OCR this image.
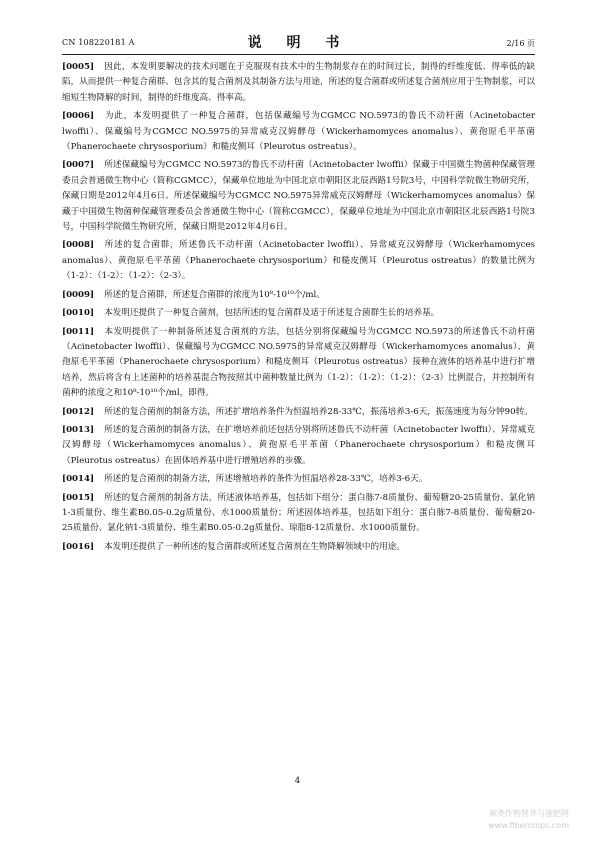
CN 108220181 A	说 明 书	2/16 页

[0005] 因此，本发明要解决的技术问题在于克服现有技术中的生物制浆存在的时间过长，制得的纤维度低、得率低的缺陷，从而提供一种复合菌群、包含其的复合菌剂及其制备方法与用途，所述的复合菌群或所述复合菌剂应用于生物制浆，可以缩短生物降解的时间，制得的纤维度高、得率高。

[0006] 为此，本发明提供了一种复合菌群，包括保藏编号为CGMCC NO.5973的鲁氏不动杆菌（Acinetobacter lwoffii）、保藏编号为CGMCC NO.5975的异常威克汉姆酵母（Wickerhamomyces anomalus）、黄孢原毛平革菌（Phanerochaete chrysosporium）和糙皮侧耳（Pleurotus ostreatus）。

[0007] 所述保藏编号为CGMCC NO.5973的鲁氏不动杆菌（Acinetobacter lwoffii）保藏于中国微生物菌种保藏管理委员会普通微生物中心（简称CGMCC），保藏单位地址为中国北京市朝阳区北辰西路1号院3号，中国科学院微生物研究所，保藏日期是2012年4月6日。所述保藏编号为CGMCC NO.5975异常威克汉姆酵母（Wickerhamomyces anomalus）保藏于中国微生物菌种保藏管理委员会普通微生物中心（简称CGMCC），保藏单位地址为中国北京市朝阳区北辰西路1号院3号，中国科学院微生物研究所，保藏日期是2012年4月6日。

[0008] 所述的复合菌群，所述鲁氏不动杆菌（Acinetobacter lwoffii）、异常威克汉姆酵母（Wickerhamomyces anomalus）、黄孢原毛平革菌（Phanerochaete chrysosporium）和糙皮侧耳（Pleurotus ostreatus）的数量比例为（1-2）：（1-2）：（1-2）：（2-3）。

[0009] 所述的复合菌群，所述复合菌群的浓度为10⁸-10¹⁰个/ml。

[0010] 本发明还提供了一种复合菌剂，包括所述的复合菌群及适于所述复合菌群生长的培养基。

[0011] 本发明提供了一种制备所述复合菌剂的方法，包括分别将保藏编号为CGMCC NO.5973的所述鲁氏不动杆菌（Acinetobacter lwoffii）、保藏编号为CGMCC NO.5975的异常威克汉姆酵母（Wickerhamomyces anomalus）、黄孢原毛平革菌（Phanerochaete chrysosporium）和糙皮侧耳（Pleurotus ostreatus）接种在液体的培养基中进行扩增培养，然后将含有上述菌种的培养基混合物按照其中菌种数量比例为（1-2）：（1-2）：（1-2）：（2-3）比例混合，并控制所有菌种的浓度之和10⁸-10¹⁰个/ml，即得。

[0012] 所述的复合菌剂的制备方法，所述扩增培养条件为恒温培养28-33℃，振荡培养3-6天，振荡速度为每分钟90转。

[0013] 所述的复合菌剂的制备方法，在扩增培养前还包括分别将所述鲁氏不动杆菌（Acinetobacter lwoffii）、异常威克汉姆酵母（Wickerhamomyces anomalus）、黄孢原毛平革菌（Phanerochaete chrysosporium）和糙皮侧耳（Pleurotus ostreatus）在固体培养基中进行增殖培养的步骤。

[0014] 所述的复合菌剂的制备方法，所述增殖培养的条件为恒温培养28-33℃，培养3-6天。

[0015] 所述的复合菌剂的制备方法，所述液体培养基，包括如下组分：蛋白胨7-8质量份、葡萄糖20-25质量份、氯化钠1-3质量份、维生素B0.05-0.2g质量份、水1000质量份；所述固体培养基，包括如下组分：蛋白胨7-8质量份、葡萄糖20-25质量份、氯化钠1-3质量份、维生素B0.05-0.2g质量份、琼脂8-12质量份、水1000质量份。

[0016] 本发明还提供了一种所述的复合菌群或所述复合菌剂在生物降解领域中的用途。

4
麻类作物营养与施肥网
www.fibercrops.com
